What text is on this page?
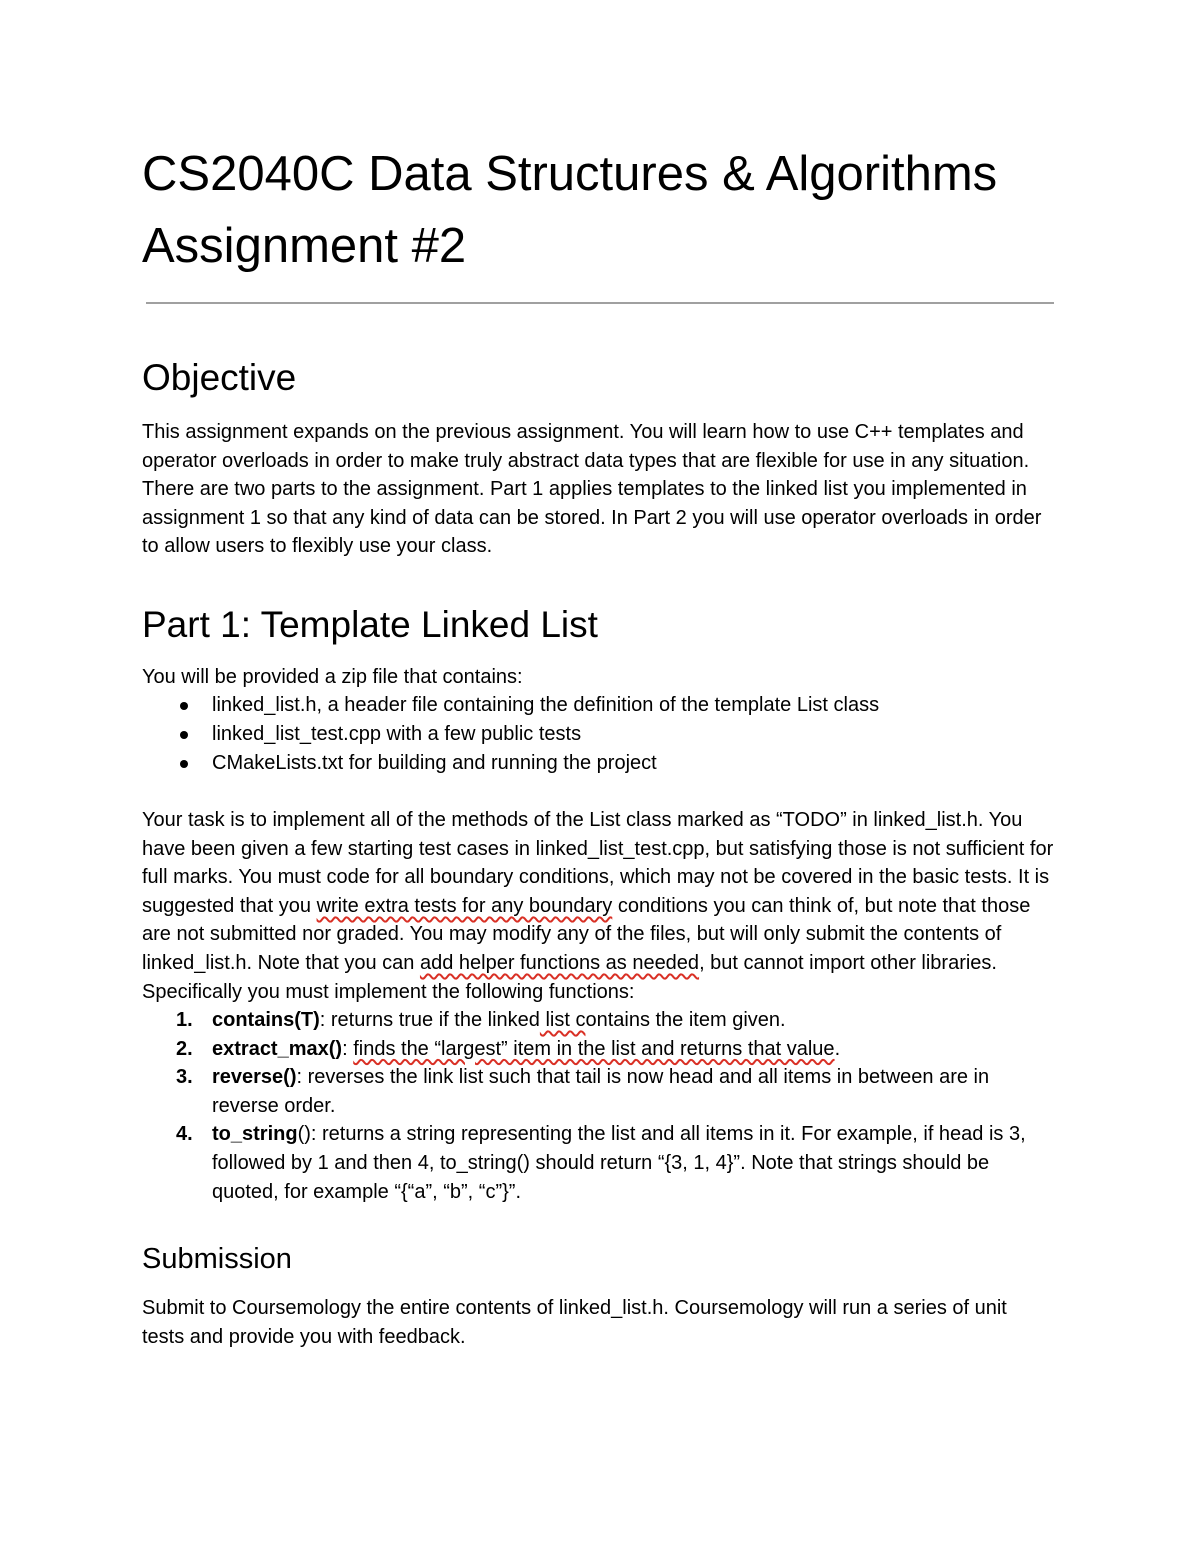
CS2040C Data Structures & Algorithms
Assignment #2
Objective

This assignment expands on the previous assignment. You will learn how to use C++ templates and operator overloads in order to make truly abstract data types that are flexible for use in any situation. There are two parts to the assignment. Part 1 applies templates to the linked list you implemented in assignment 1 so that any kind of data can be stored. In Part 2 you will use operator overloads in order to allow users to flexibly use your class.

Part 1: Template Linked List

You will be provided a zip file that contains:

linked_list.h, a header file containing the definition of the template List class
linked_list_test.cpp with a few public tests
CMakeLists.txt for building and running the project

Your task is to implement all of the methods of the List class marked as “TODO” in linked_list.h. You have been given a few starting test cases in linked_list_test.cpp, but satisfying those is not sufficient for full marks. You must code for all boundary conditions, which may not be covered in the basic tests. It is suggested that you write extra tests for any boundary conditions you can think of, but note that those are not submitted nor graded. You may modify any of the files, but will only submit the contents of linked_list.h. Note that you can add helper functions as needed, but cannot import other libraries. Specifically you must implement the following functions:

1. contains(T): returns true if the linked list contains the item given.
2. extract_max(): finds the “largest” item in the list and returns that value.
3. reverse(): reverses the link list such that tail is now head and all items in between are in reverse order.
4. to_string(): returns a string representing the list and all items in it. For example, if head is 3, followed by 1 and then 4, to_string() should return “{3, 1, 4}”. Note that strings should be quoted, for example “{“a”, “b”, “c”}”.
Submission

Submit to Coursemology the entire contents of linked_list.h. Coursemology will run a series of unit tests and provide you with feedback.
